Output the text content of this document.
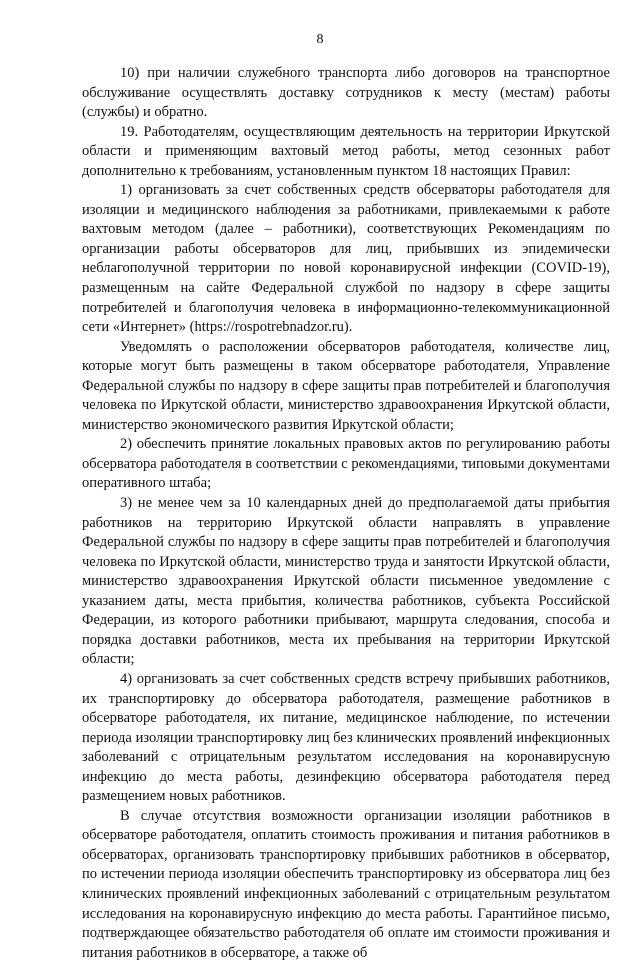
8

10) при наличии служебного транспорта либо договоров на транспортное обслуживание осуществлять доставку сотрудников к месту (местам) работы (службы) и обратно.

19. Работодателям, осуществляющим деятельность на территории Иркутской области и применяющим вахтовый метод работы, метод сезонных работ дополнительно к требованиям, установленным пунктом 18 настоящих Правил:

1) организовать за счет собственных средств обсерваторы работодателя для изоляции и медицинского наблюдения за работниками, привлекаемыми к работе вахтовым методом (далее – работники), соответствующих Рекомендациям по организации работы обсерваторов для лиц, прибывших из эпидемически неблагополучной территории по новой коронавирусной инфекции (COVID-19), размещенным на сайте Федеральной службой по надзору в сфере защиты потребителей и благополучия человека в информационно-телекоммуникационной сети «Интернет» (https://rospotrebnadzor.ru).

Уведомлять о расположении обсерваторов работодателя, количестве лиц, которые могут быть размещены в таком обсерваторе работодателя, Управление Федеральной службы по надзору в сфере защиты прав потребителей и благополучия человека по Иркутской области, министерство здравоохранения Иркутской области, министерство экономического развития Иркутской области;

2) обеспечить принятие локальных правовых актов по регулированию работы обсерватора работодателя в соответствии с рекомендациями, типовыми документами оперативного штаба;

3) не менее чем за 10 календарных дней до предполагаемой даты прибытия работников на территорию Иркутской области направлять в управление Федеральной службы по надзору в сфере защиты прав потребителей и благополучия человека по Иркутской области, министерство труда и занятости Иркутской области, министерство здравоохранения Иркутской области письменное уведомление с указанием даты, места прибытия, количества работников, субъекта Российской Федерации, из которого работники прибывают, маршрута следования, способа и порядка доставки работников, места их пребывания на территории Иркутской области;

4) организовать за счет собственных средств встречу прибывших работников, их транспортировку до обсерватора работодателя, размещение работников в обсерваторе работодателя, их питание, медицинское наблюдение, по истечении периода изоляции транспортировку лиц без клинических проявлений инфекционных заболеваний с отрицательным результатом исследования на коронавирусную инфекцию до места работы, дезинфекцию обсерватора работодателя перед размещением новых работников.

В случае отсутствия возможности организации изоляции работников в обсерваторе работодателя, оплатить стоимость проживания и питания работников в обсерваторах, организовать транспортировку прибывших работников в обсерватор, по истечении периода изоляции обеспечить транспортировку из обсерватора лиц без клинических проявлений инфекционных заболеваний с отрицательным результатом исследования на коронавирусную инфекцию до места работы. Гарантийное письмо, подтверждающее обязательство работодателя об оплате им стоимости проживания и питания работников в обсерваторе, а также об
